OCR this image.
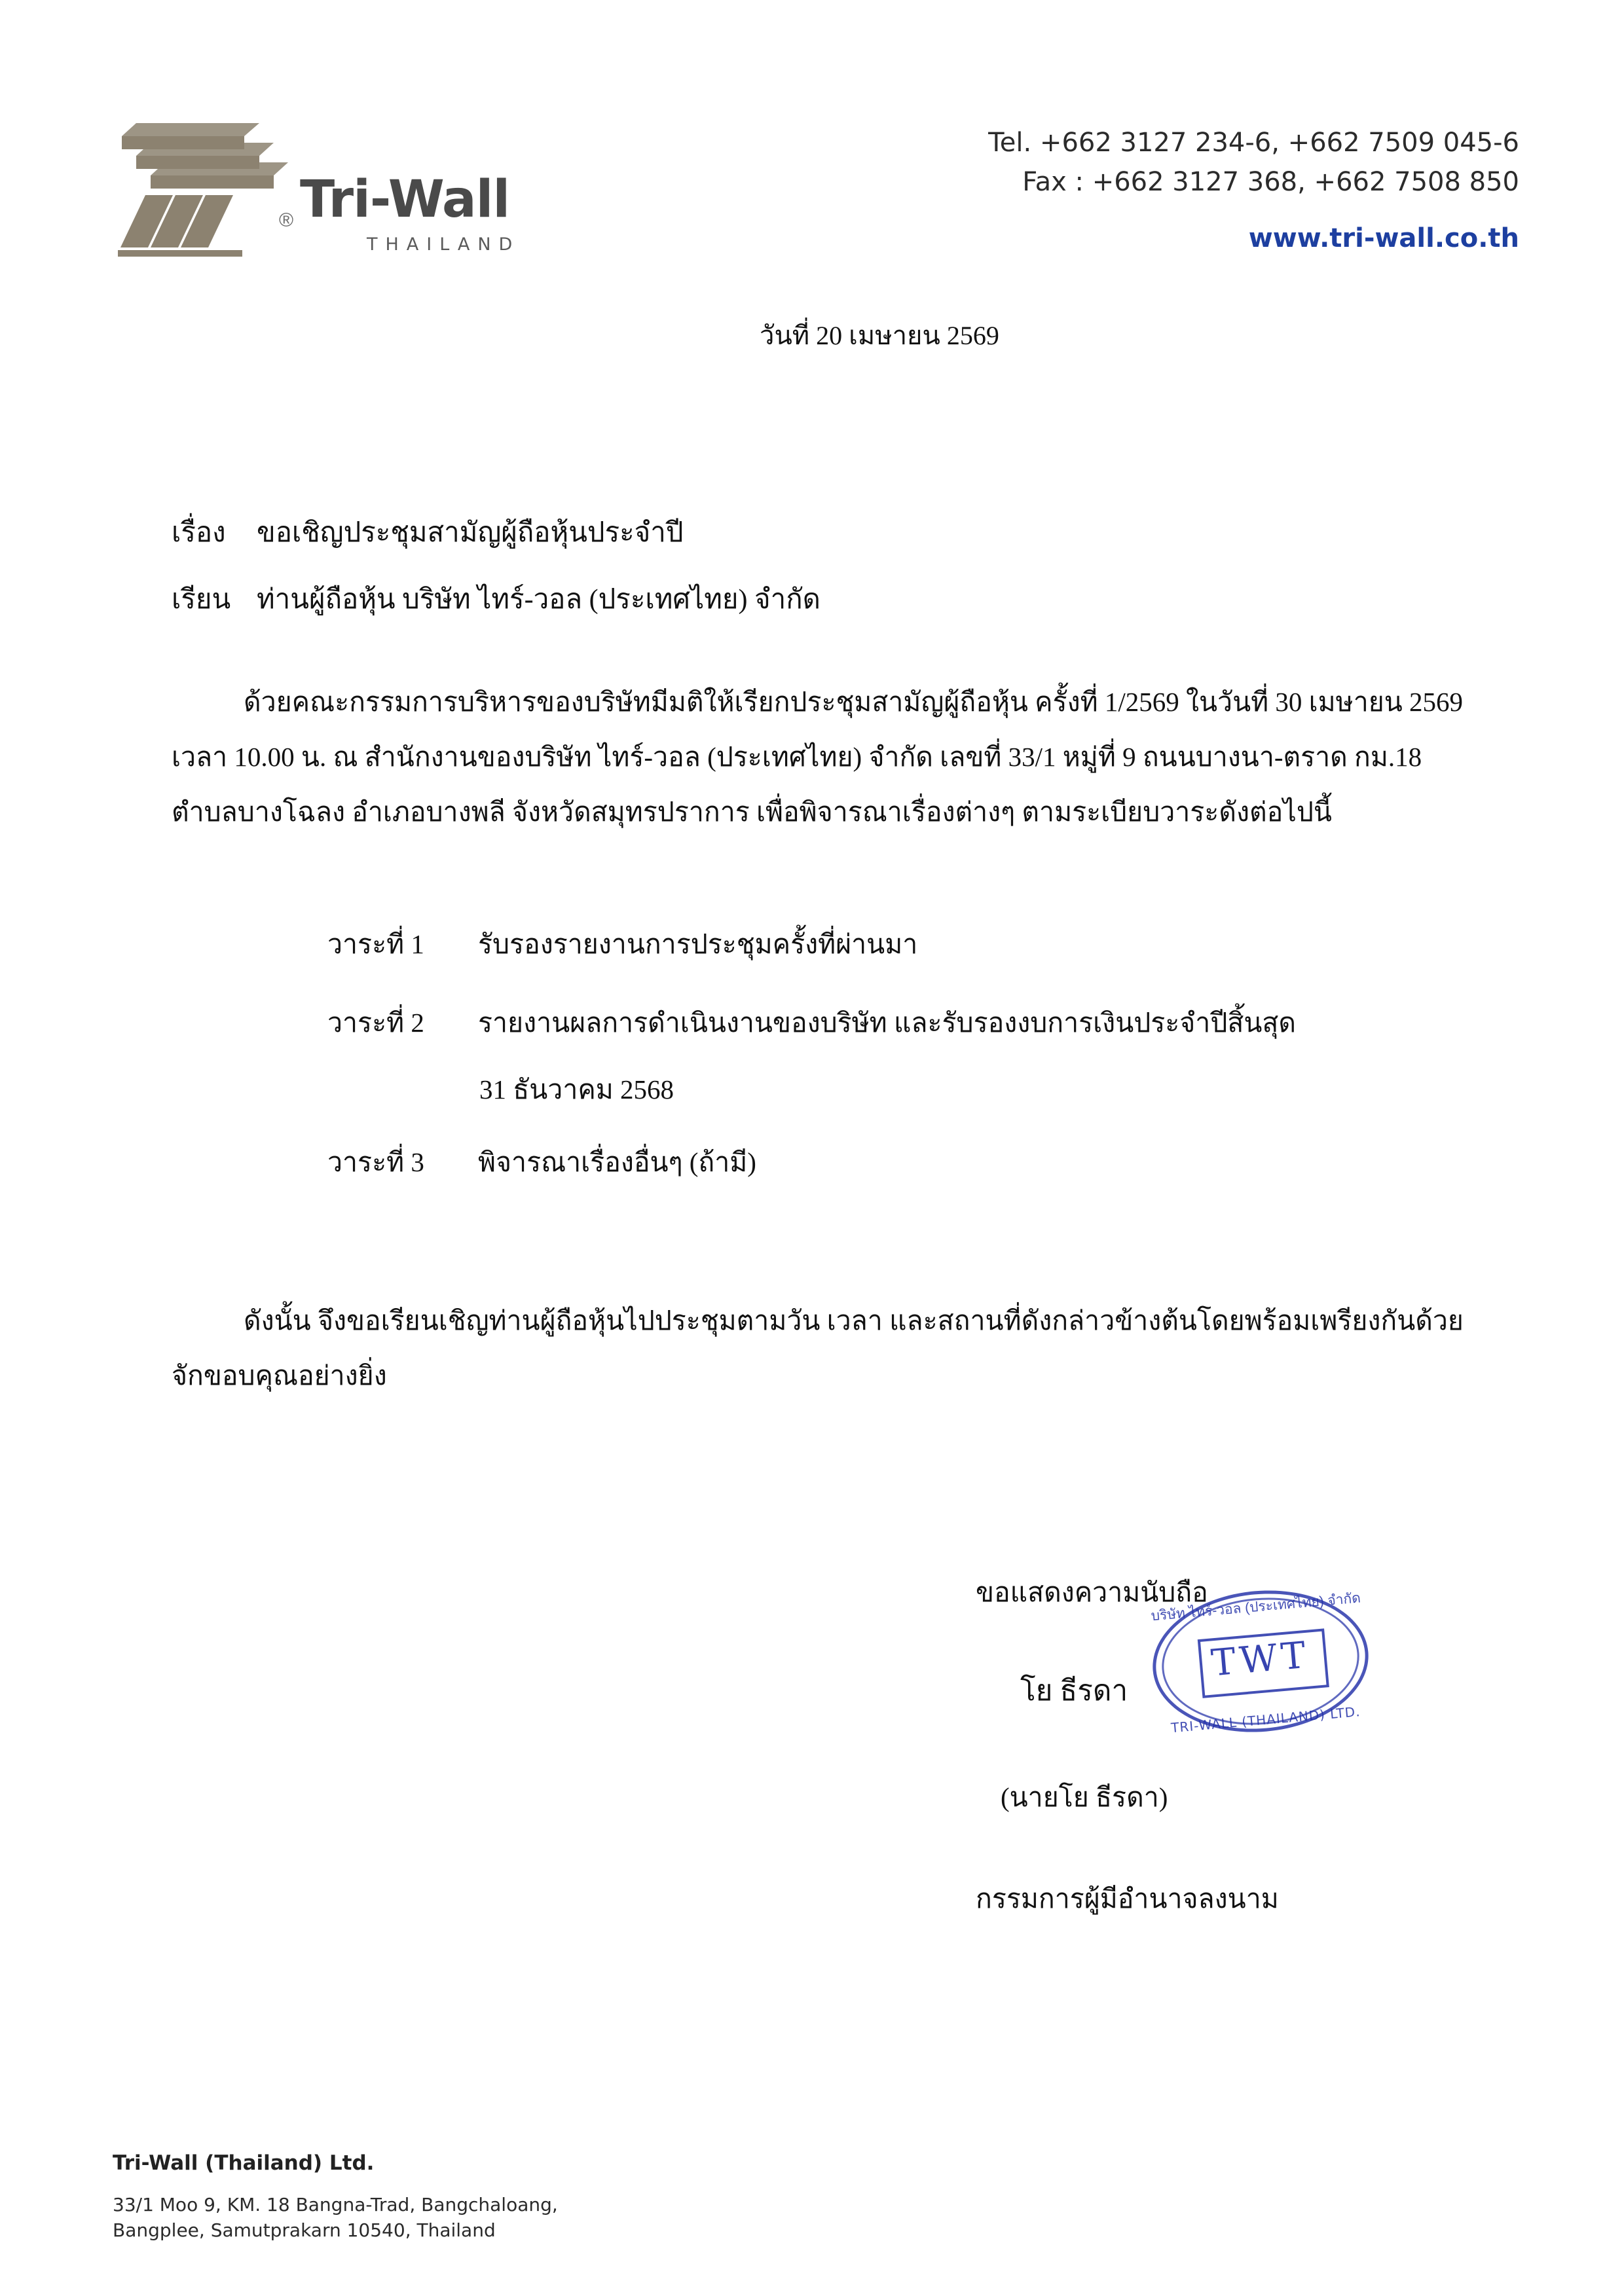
® Tri-Wall
THAILAND
Tel. +662 3127 234-6, +662 7509 045-6
Fax : +662 3127 368, +662 7508 850
www.tri-wall.co.th
วันที่ 20 เมษายน 2569
เรื่อง ขอเชิญประชุมสามัญผู้ถือหุ้นประจำปี
เรียน ท่านผู้ถือหุ้น บริษัท ไทร์-วอล (ประเทศไทย) จำกัด
ด้วยคณะกรรมการบริหารของบริษัทมีมติให้เรียกประชุมสามัญผู้ถือหุ้น ครั้งที่ 1/2569 ในวันที่ 30 เมษายน 2569 เวลา 10.00 น. ณ สำนักงานของบริษัท ไทร์-วอล (ประเทศไทย) จำกัด เลขที่ 33/1 หมู่ที่ 9 ถนนบางนา-ตราด กม.18 ตำบลบางโฉลง อำเภอบางพลี จังหวัดสมุทรปราการ เพื่อพิจารณาเรื่องต่างๆ ตามระเบียบวาระดังต่อไปนี้
วาระที่ 1 รับรองรายงานการประชุมครั้งที่ผ่านมา
วาระที่ 2 รายงานผลการดำเนินงานของบริษัท และรับรองงบการเงินประจำปีสิ้นสุด
31 ธันวาคม 2568
วาระที่ 3 พิจารณาเรื่องอื่นๆ (ถ้ามี)
ดังนั้น จึงขอเรียนเชิญท่านผู้ถือหุ้นไปประชุมตามวัน เวลา และสถานที่ดังกล่าวข้างต้นโดยพร้อมเพรียงกันด้วย จักขอบคุณอย่างยิ่ง
ขอแสดงความนับถือ
โย ธีรดา
(นายโย ธีรดา)
กรรมการผู้มีอำนาจลงนาม
บริษัท ไทร์-วอล (ประเทศไทย) จำกัด
TWT
TRI-WALL (THAILAND) LTD.
Tri-Wall (Thailand) Ltd.
33/1 Moo 9, KM. 18 Bangna-Trad, Bangchaloang,
Bangplee, Samutprakarn 10540, Thailand
